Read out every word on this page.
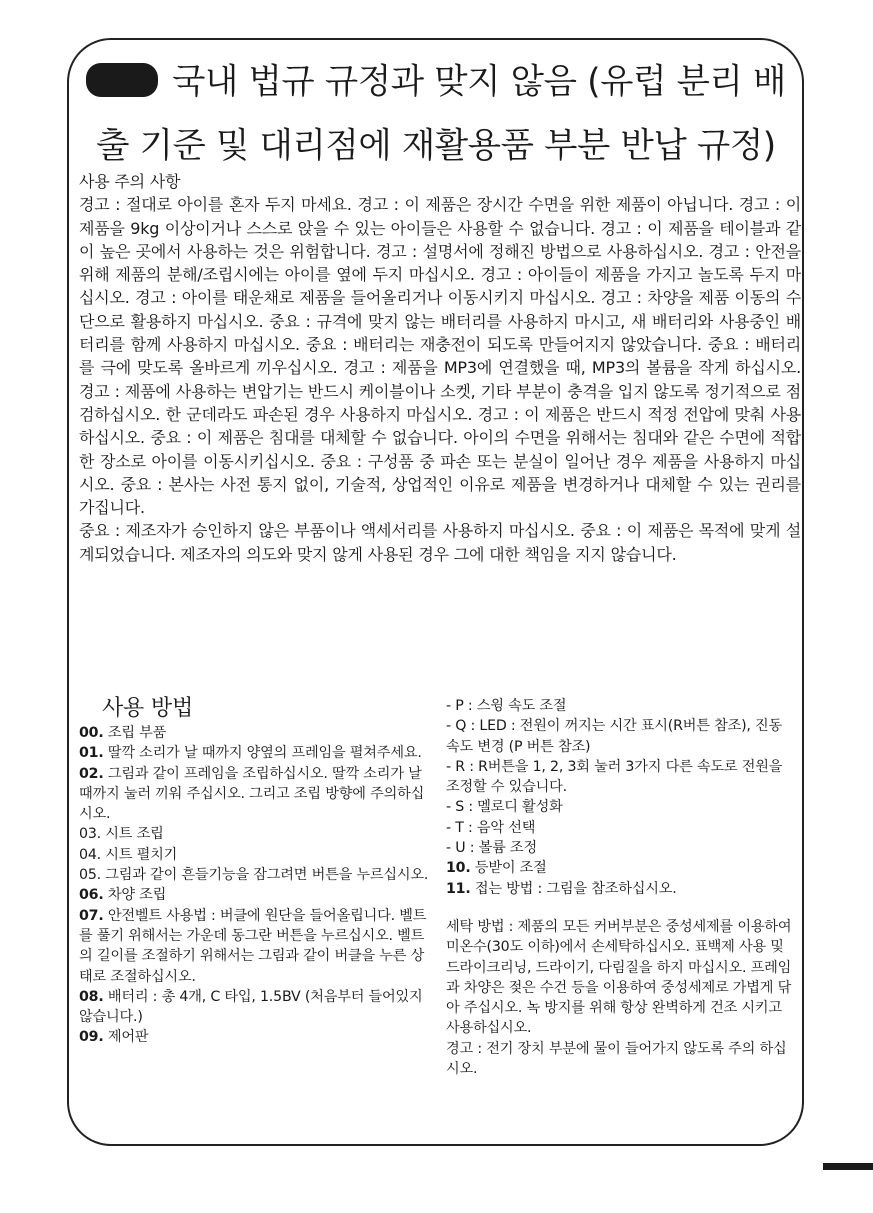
국내 법규 규정과 맞지 않음 (유럽 분리 배
출 기준 및 대리점에 재활용품 부분 반납 규정)

사용 주의 사항

경고 : 절대로 아이를 혼자 두지 마세요. 경고 : 이 제품은 장시간 수면을 위한 제품이 아닙니다. 경고 : 이제품을 9kg 이상이거나 스스로 앉을 수 있는 아이들은 사용할 수 없습니다. 경고 : 이 제품을 테이블과 같이 높은 곳에서 사용하는 것은 위험합니다. 경고 : 설명서에 정해진 방법으로 사용하십시오. 경고 : 안전을 위해 제품의 분해/조립시에는 아이를 옆에 두지 마십시오. 경고 : 아이들이 제품을 가지고 놀도록 두지 마십시오. 경고 : 아이를 태운채로 제품을 들어올리거나 이동시키지 마십시오. 경고 : 차양을 제품 이동의 수단으로 활용하지 마십시오. 중요 : 규격에 맞지 않는 배터리를 사용하지 마시고, 새 배터리와 사용중인 배터리를 함께 사용하지 마십시오. 중요 : 배터리는 재충전이 되도록 만들어지지 않았습니다. 중요 : 배터리를 극에 맞도록 올바르게 끼우십시오. 경고 : 제품을 MP3에 연결했을 때, MP3의 볼륨을 작게 하십시오. 경고 : 제품에 사용하는 변압기는 반드시 케이블이나 소켓, 기타 부분이 충격을 입지 않도록 정기적으로 점검하십시오. 한 군데라도 파손된 경우 사용하지 마십시오. 경고 : 이 제품은 반드시 적정 전압에 맞춰 사용하십시오. 중요 : 이 제품은 침대를 대체할 수 없습니다. 아이의 수면을 위해서는 침대와 같은 수면에 적합한 장소로 아이를 이동시키십시오. 중요 : 구성품 중 파손 또는 분실이 일어난 경우 제품을 사용하지 마십시오. 중요 : 본사는 사전 통지 없이, 기술적, 상업적인 이유로 제품을 변경하거나 대체할 수 있는 권리를 가집니다.

중요 : 제조자가 승인하지 않은 부품이나 액세서리를 사용하지 마십시오. 중요 : 이 제품은 목적에 맞게 설계되었습니다. 제조자의 의도와 맞지 않게 사용된 경우 그에 대한 책임을 지지 않습니다.

사용 방법

00. 조립 부품

01. 딸깍 소리가 날 때까지 양옆의 프레임을 펼쳐주세요.

02. 그림과 같이 프레임을 조립하십시오. 딸깍 소리가 날 때까지 눌러 끼워 주십시오. 그리고 조립 방향에 주의하십시오.

03. 시트 조립

04. 시트 펼치기

05. 그림과 같이 흔들기능을 잠그려면 버튼을 누르십시오.

06. 차양 조립

07. 안전벨트 사용법 : 버클에 원단을 들어올립니다. 벨트를 풀기 위해서는 가운데 동그란 버튼을 누르십시오. 벨트의 길이를 조절하기 위해서는 그림과 같이 버클을 누른 상태로 조절하십시오.

08. 배터리 : 총 4개, C 타입, 1.5BV (처음부터 들어있지 않습니다.)

09. 제어판

- P : 스윙 속도 조절

- Q : LED : 전원이 꺼지는 시간 표시(R버튼 참조), 진동 속도 변경 (P 버튼 참조)

- R : R버튼을 1, 2, 3회 눌러 3가지 다른 속도로 전원을 조정할 수 있습니다.

- S : 멜로디 활성화

- T : 음악 선택

- U : 볼륨 조정

10. 등받이 조절

11. 접는 방법 : 그림을 참조하십시오.

세탁 방법 : 제품의 모든 커버부분은 중성세제를 이용하여 미온수(30도 이하)에서 손세탁하십시오. 표백제 사용 및 드라이크리닝, 드라이기, 다림질을 하지 마십시오. 프레임과 차양은 젖은 수건 등을 이용하여 중성세제로 가볍게 닦아 주십시오. 녹 방지를 위해 항상 완벽하게 건조 시키고 사용하십시오.

경고 : 전기 장치 부분에 물이 들어가지 않도록 주의 하십시오.
